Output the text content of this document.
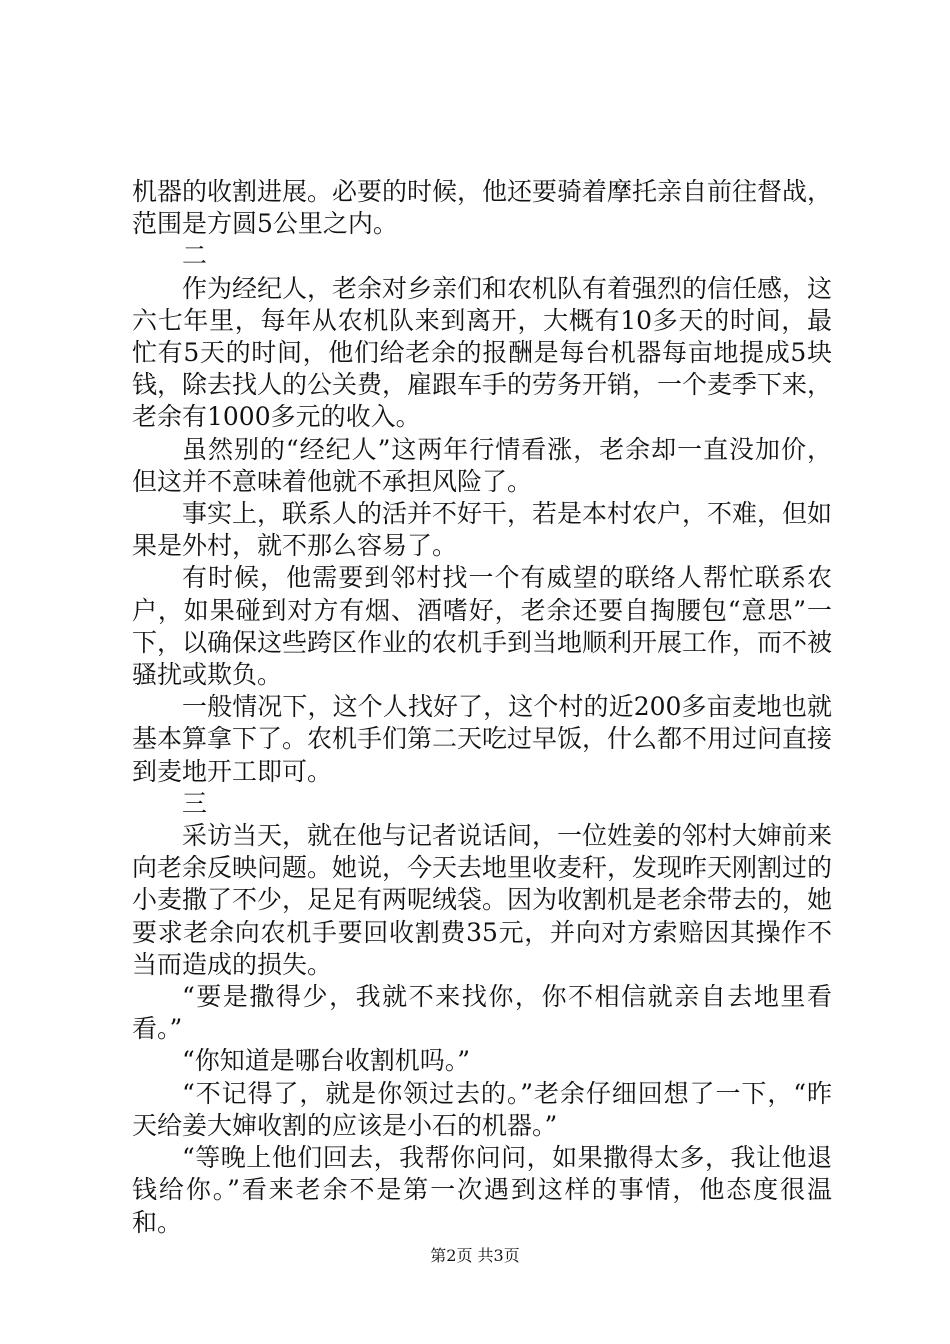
机器的收割进展。必要的时候，他还要骑着摩托亲自前往督战，范围是方圆5公里之内。

二

作为经纪人，老余对乡亲们和农机队有着强烈的信任感，这六七年里，每年从农机队来到离开，大概有10多天的时间，最忙有5天的时间，他们给老余的报酬是每台机器每亩地提成5块钱，除去找人的公关费，雇跟车手的劳务开销，一个麦季下来，老余有1000多元的收入。

虽然别的“经纪人”这两年行情看涨，老余却一直没加价，但这并不意味着他就不承担风险了。

事实上，联系人的活并不好干，若是本村农户，不难，但如果是外村，就不那么容易了。

有时候，他需要到邻村找一个有威望的联络人帮忙联系农户，如果碰到对方有烟、酒嗜好，老余还要自掏腰包“意思”一下，以确保这些跨区作业的农机手到当地顺利开展工作，而不被骚扰或欺负。

一般情况下，这个人找好了，这个村的近200多亩麦地也就基本算拿下了。农机手们第二天吃过早饭，什么都不用过问直接到麦地开工即可。

三

采访当天，就在他与记者说话间，一位姓姜的邻村大婶前来向老余反映问题。她说，今天去地里收麦秆，发现昨天刚割过的小麦撒了不少，足足有两呢绒袋。因为收割机是老余带去的，她要求老余向农机手要回收割费35元，并向对方索赔因其操作不当而造成的损失。

“要是撒得少，我就不来找你，你不相信就亲自去地里看看。”

“你知道是哪台收割机吗。”

“不记得了，就是你领过去的。”老余仔细回想了一下，“昨天给姜大婶收割的应该是小石的机器。”

“等晚上他们回去，我帮你问问，如果撒得太多，我让他退钱给你。”看来老余不是第一次遇到这样的事情，他态度很温和。

第2页 共3页
